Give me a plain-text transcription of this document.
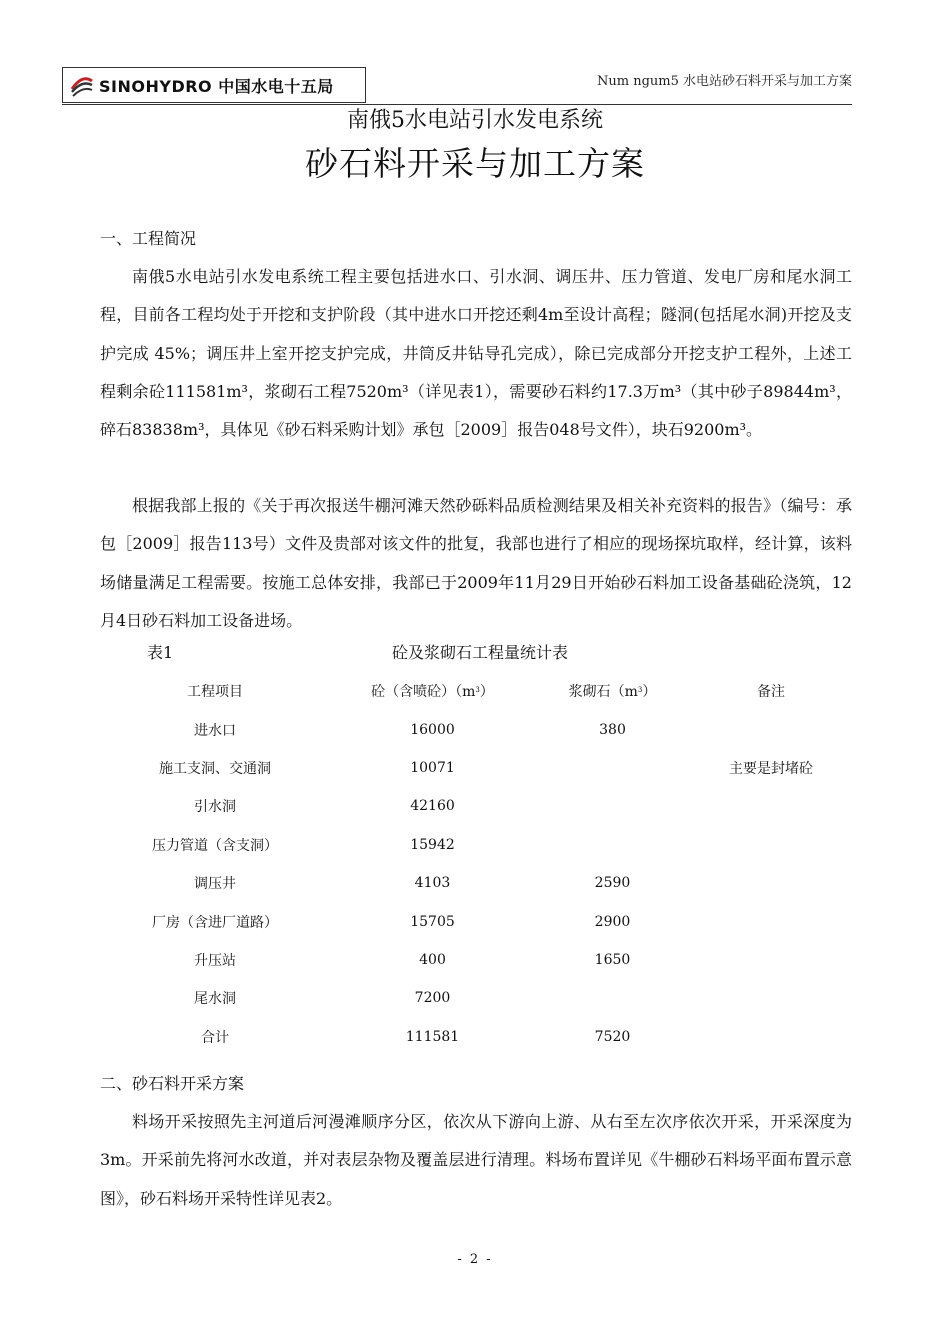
SINOHYDRO 中国水电十五局	Num ngum5 水电站砂石料开采与加工方案
南俄5水电站引水发电系统
砂石料开采与加工方案
一、工程简况

南俄5水电站引水发电系统工程主要包括进水口、引水洞、调压井、压力管道、发电厂房和尾水洞工程，目前各工程均处于开挖和支护阶段（其中进水口开挖还剩4m至设计高程；隧洞(包括尾水洞)开挖及支护完成 45%；调压井上室开挖支护完成，井筒反井钻导孔完成），除已完成部分开挖支护工程外，上述工程剩余砼111581m³，浆砌石工程7520m³（详见表1），需要砂石料约17.3万m³（其中砂子89844m³，碎石83838m³，具体见《砂石料采购计划》承包［2009］报告048号文件），块石9200m³。

根据我部上报的《关于再次报送牛棚河滩天然砂砾料品质检测结果及相关补充资料的报告》（编号：承包［2009］报告113号）文件及贵部对该文件的批复，我部也进行了相应的现场探坑取样，经计算，该料场储量满足工程需要。按施工总体安排，我部已于2009年11月29日开始砂石料加工设备基础砼浇筑，12月4日砂石料加工设备进场。

表1	砼及浆砌石工程量统计表
工程项目	砼（含喷砼）$(m^3)$	浆砌石$(m^3)$	备注
进水口	16000	380	
施工支洞、交通洞	10071		主要是封堵砼
引水洞	42160		
压力管道（含支洞）	15942		
调压井	4103	2590	
厂房（含进厂道路）	15705	2900	
升压站	400	1650	
尾水洞	7200		
合计	111581	7520	
二、砂石料开采方案

料场开采按照先主河道后河漫滩顺序分区，依次从下游向上游、从右至左次序依次开采，开采深度为3m。开采前先将河水改道，并对表层杂物及覆盖层进行清理。料场布置详见《牛棚砂石料场平面布置示意图》，砂石料场开采特性详见表2。

- 2 -
